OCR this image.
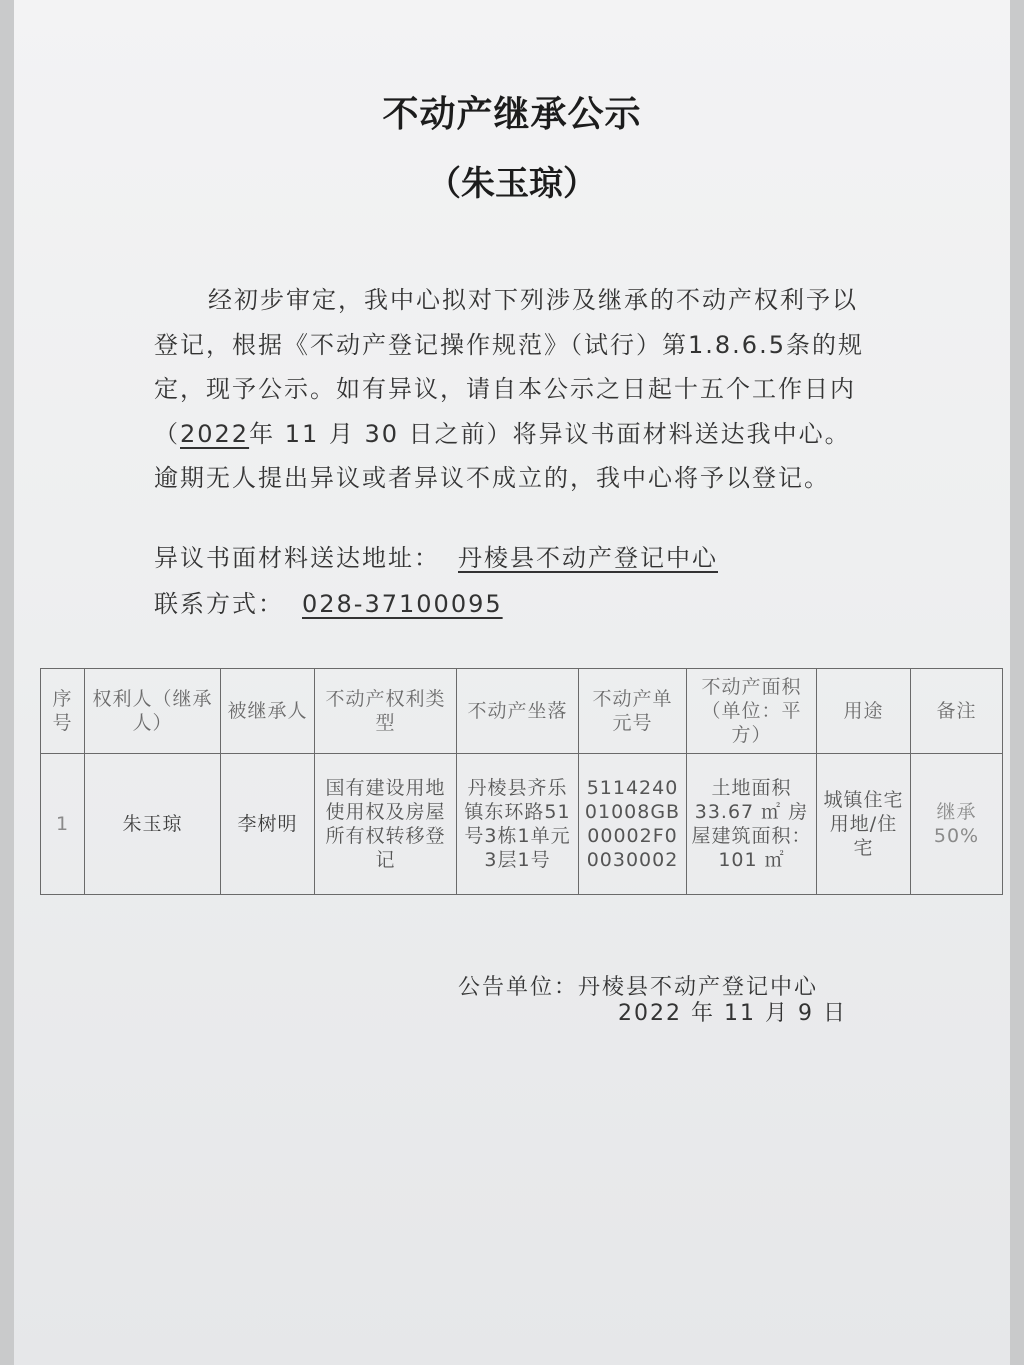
不动产继承公示
（朱玉琼）

经初步审定，我中心拟对下列涉及继承的不动产权利予以登记，根据《不动产登记操作规范》（试行）第1.8.6.5条的规定，现予公示。如有异议，请自本公示之日起十五个工作日内（2022年 11 月 30 日之前）将异议书面材料送达我中心。逾期无人提出异议或者异议不成立的，我中心将予以登记。

异议书面材料送达地址： 丹棱县不动产登记中心
联系方式： 028-37100095
序号	权利人（继承人）	被继承人	不动产权利类型	不动产坐落	不动产单元号	不动产面积（单位：平方）	用途	备注
1	朱玉琼	李树明	国有建设用地使用权及房屋所有权转移登记	丹棱县齐乐镇东环路51号3栋1单元3层1号	511424001008GB00002F00030002	土地面积33.67 ㎡ 房屋建筑面积：101 ㎡	城镇住宅用地/住宅	继承50%
公告单位：丹棱县不动产登记中心
2022 年 11 月 9 日
